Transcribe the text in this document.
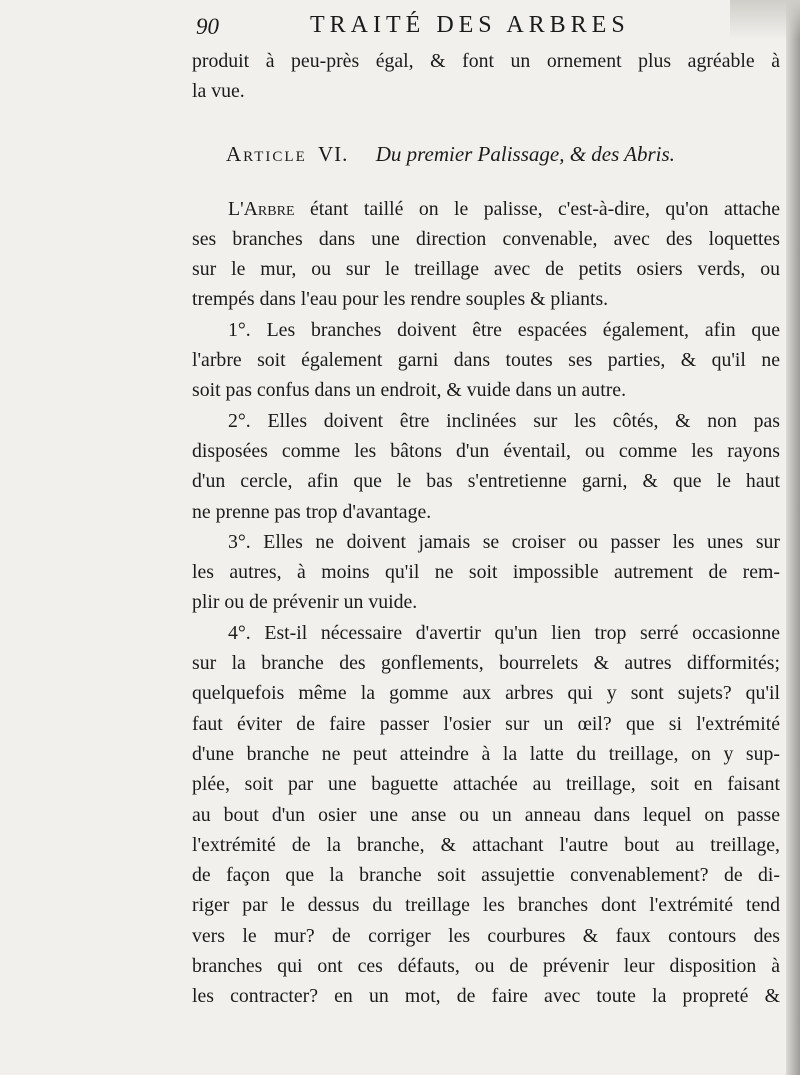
90	TRAITÉ DES ARBRES
produit à peu-près égal, & font un ornement plus agréable à
la vue.
Article VI. Du premier Palissage, & des Abris.
L'Arbre étant taillé on le palisse, c'est-à-dire, qu'on attache
ses branches dans une direction convenable, avec des loquettes
sur le mur, ou sur le treillage avec de petits osiers verds, ou
trempés dans l'eau pour les rendre souples & pliants.
1°. Les branches doivent être espacées également, afin que
l'arbre soit également garni dans toutes ses parties, & qu'il ne
soit pas confus dans un endroit, & vuide dans un autre.
2°. Elles doivent être inclinées sur les côtés, & non pas
disposées comme les bâtons d'un éventail, ou comme les rayons
d'un cercle, afin que le bas s'entretienne garni, & que le haut
ne prenne pas trop d'avantage.
3°. Elles ne doivent jamais se croiser ou passer les unes sur
les autres, à moins qu'il ne soit impossible autrement de rem-
plir ou de prévenir un vuide.
4°. Est-il nécessaire d'avertir qu'un lien trop serré occasionne
sur la branche des gonflements, bourrelets & autres difformités;
quelquefois même la gomme aux arbres qui y sont sujets? qu'il
faut éviter de faire passer l'osier sur un œil? que si l'extrémité
d'une branche ne peut atteindre à la latte du treillage, on y sup-
plée, soit par une baguette attachée au treillage, soit en faisant
au bout d'un osier une anse ou un anneau dans lequel on passe
l'extrémité de la branche, & attachant l'autre bout au treillage,
de façon que la branche soit assujettie convenablement? de di-
riger par le dessus du treillage les branches dont l'extrémité tend
vers le mur? de corriger les courbures & faux contours des
branches qui ont ces défauts, ou de prévenir leur disposition à
les contracter? en un mot, de faire avec toute la propreté &
